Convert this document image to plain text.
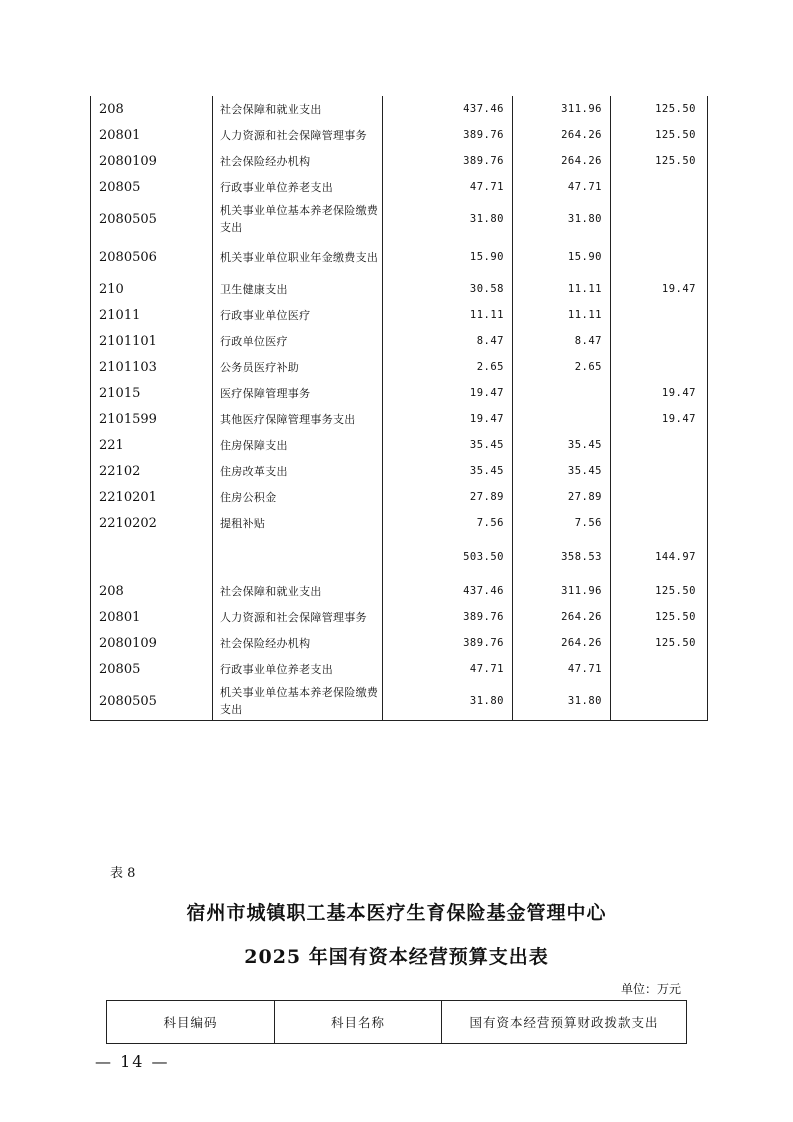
208	社会保障和就业支出	437.46	311.96	125.50
20801	人力资源和社会保障管理事务	389.76	264.26	125.50
2080109	社会保险经办机构	389.76	264.26	125.50
20805	行政事业单位养老支出	47.71	47.71	
2080505	机关事业单位基本养老保险缴费支出	31.80	31.80	
2080506	机关事业单位职业年金缴费支出	15.90	15.90	
210	卫生健康支出	30.58	11.11	19.47
21011	行政事业单位医疗	11.11	11.11	
2101101	行政单位医疗	8.47	8.47	
2101103	公务员医疗补助	2.65	2.65	
21015	医疗保障管理事务	19.47		19.47
2101599	其他医疗保障管理事务支出	19.47		19.47
221	住房保障支出	35.45	35.45	
22102	住房改革支出	35.45	35.45	
2210201	住房公积金	27.89	27.89	
2210202	提租补贴	7.56	7.56	
		503.50	358.53	144.97
208	社会保障和就业支出	437.46	311.96	125.50
20801	人力资源和社会保障管理事务	389.76	264.26	125.50
2080109	社会保险经办机构	389.76	264.26	125.50
20805	行政事业单位养老支出	47.71	47.71	
2080505	机关事业单位基本养老保险缴费支出	31.80	31.80	
表 8
宿州市城镇职工基本医疗生育保险基金管理中心
2025 年国有资本经营预算支出表
单位：万元
科目编码	科目名称	国有资本经营预算财政拨款支出
— 14 —
